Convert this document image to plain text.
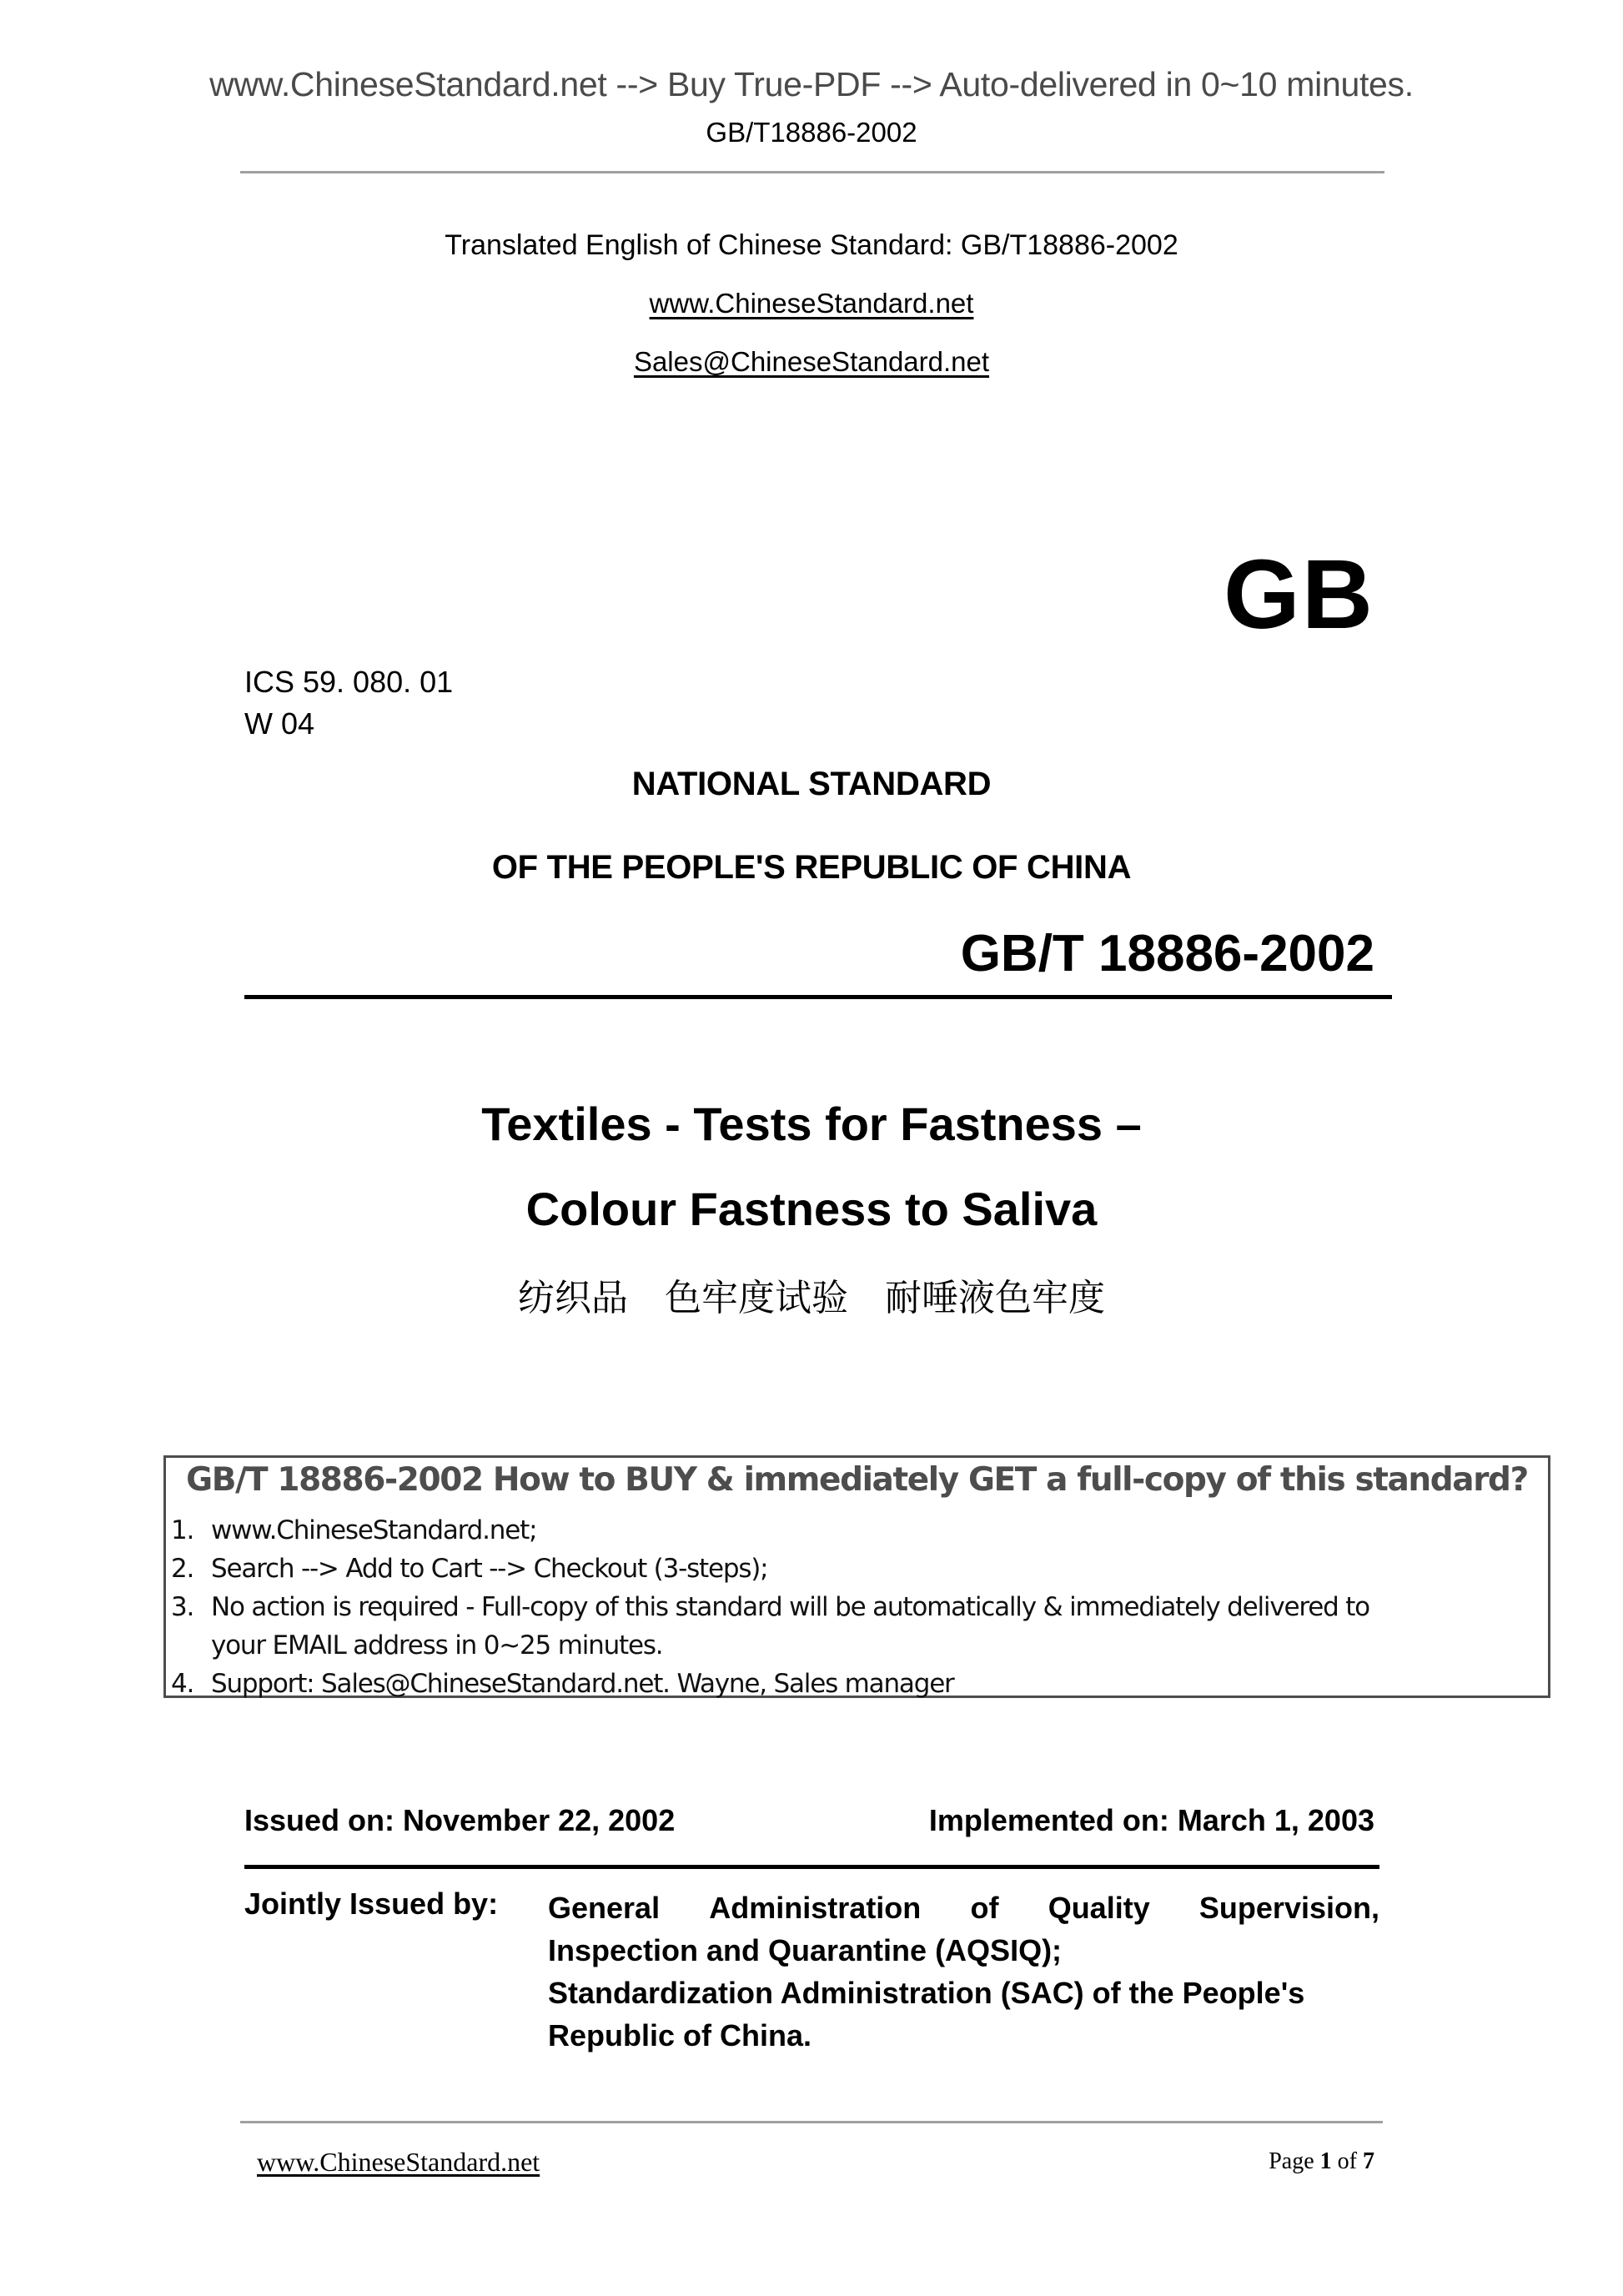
www.ChineseStandard.net --> Buy True-PDF --> Auto-delivered in 0~10 minutes.
GB/T18886-2002
Translated English of Chinese Standard: GB/T18886-2002
www.ChineseStandard.net
Sales@ChineseStandard.net
GB
ICS 59. 080. 01
W 04
NATIONAL STANDARD
OF THE PEOPLE'S REPUBLIC OF CHINA
GB/T 18886-2002
Textiles - Tests for Fastness –
Colour Fastness to Saliva
纺织品 色牢度试验 耐唾液色牢度
GB/T 18886-2002 How to BUY & immediately GET a full-copy of this standard?
1. www.ChineseStandard.net;
2. Search --> Add to Cart --> Checkout (3-steps);
3. No action is required - Full-copy of this standard will be automatically & immediately delivered to
your EMAIL address in 0~25 minutes.
4. Support: Sales@ChineseStandard.net. Wayne, Sales manager
Issued on: November 22, 2002	Implemented on: March 1, 2003
Jointly Issued by: General Administration of Quality Supervision,
Inspection and Quarantine (AQSIQ);
Standardization Administration (SAC) of the People's
Republic of China.
www.ChineseStandard.net	Page 1 of 7
